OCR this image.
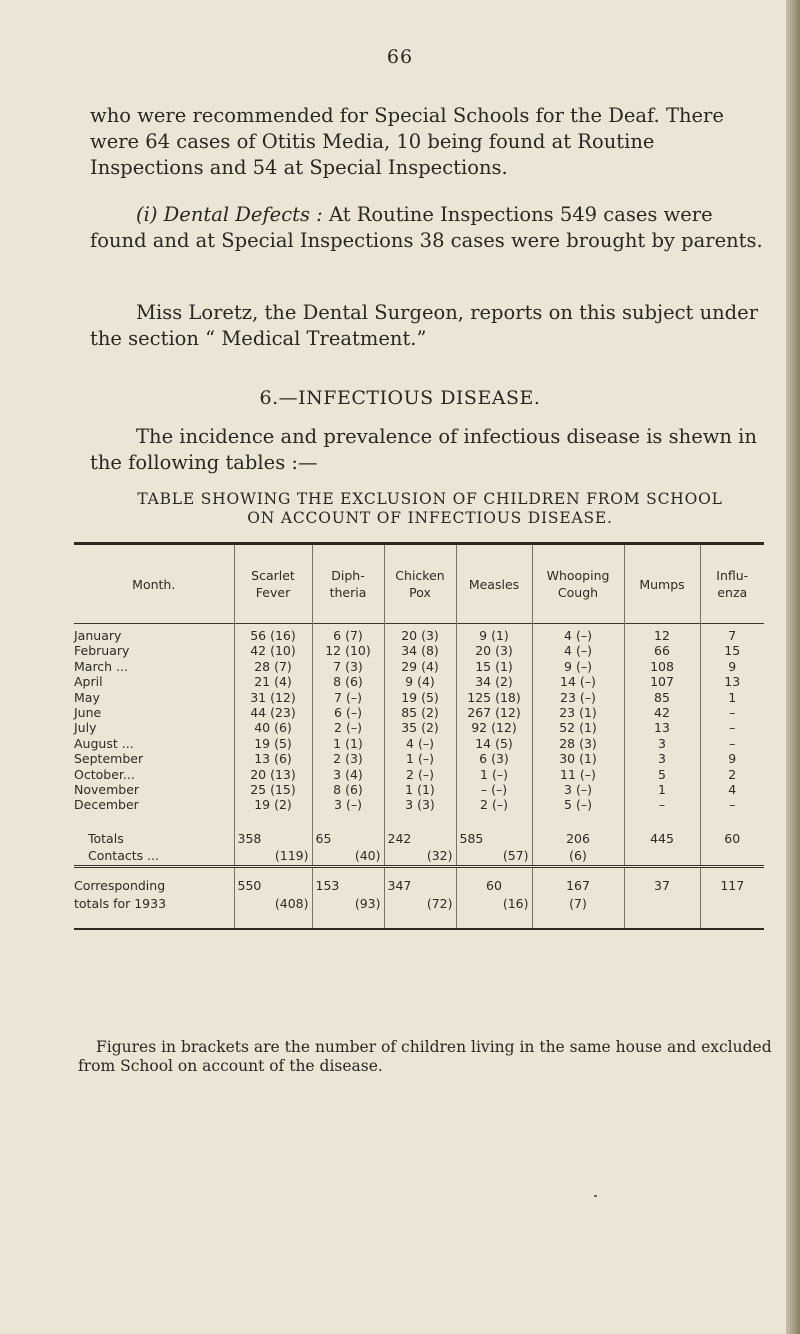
66

who were recommended for Special Schools for the Deaf. There were 64 cases of Otitis Media, 10 being found at Routine Inspections and 54 at Special Inspections.

(i) Dental Defects : At Routine Inspections 549 cases were found and at Special Inspections 38 cases were brought by parents.

Miss Loretz, the Dental Surgeon, reports on this subject under the section “ Medical Treatment.”

6.—INFECTIOUS DISEASE.

The incidence and prevalence of infectious disease is shewn in the following tables :—

TABLE SHOWING THE EXCLUSION OF CHILDREN FROM SCHOOL
ON ACCOUNT OF INFECTIOUS DISEASE.
Month.	Scarlet Fever	Diph-theria	Chicken Pox	Measles	Whooping Cough	Mumps	Influ-enza
January	56 (16)	6 (7)	20 (3)	9 (1)	4 (–)	12	7
February	42 (10)	12 (10)	34 (8)	20 (3)	4 (–)	66	15
March ...	28 (7)	7 (3)	29 (4)	15 (1)	9 (–)	108	9
April	21 (4)	8 (6)	9 (4)	34 (2)	14 (–)	107	13
May	31 (12)	7 (–)	19 (5)	125 (18)	23 (–)	85	1
June	44 (23)	6 (–)	85 (2)	267 (12)	23 (1)	42	–
July	40 (6)	2 (–)	35 (2)	92 (12)	52 (1)	13	–
August ...	19 (5)	1 (1)	4 (–)	14 (5)	28 (3)	3	–
September	13 (6)	2 (3)	1 (–)	6 (3)	30 (1)	3	9
October...	20 (13)	3 (4)	2 (–)	1 (–)	11 (–)	5	2
November	25 (15)	8 (6)	1 (1)	– (–)	3 (–)	1	4
December	19 (2)	3 (–)	3 (3)	2 (–)	5 (–)	–	–
Totals	358	65	242	585	206	445	60
Contacts ...	(119)	(40)	(32)	(57)	(6)		
Corresponding	550	153	347	60	167	37	117
totals for 1933	(408)	(93)	(72)	(16)	(7)		

Figures in brackets are the number of children living in the same house and excluded from School on account of the disease.
